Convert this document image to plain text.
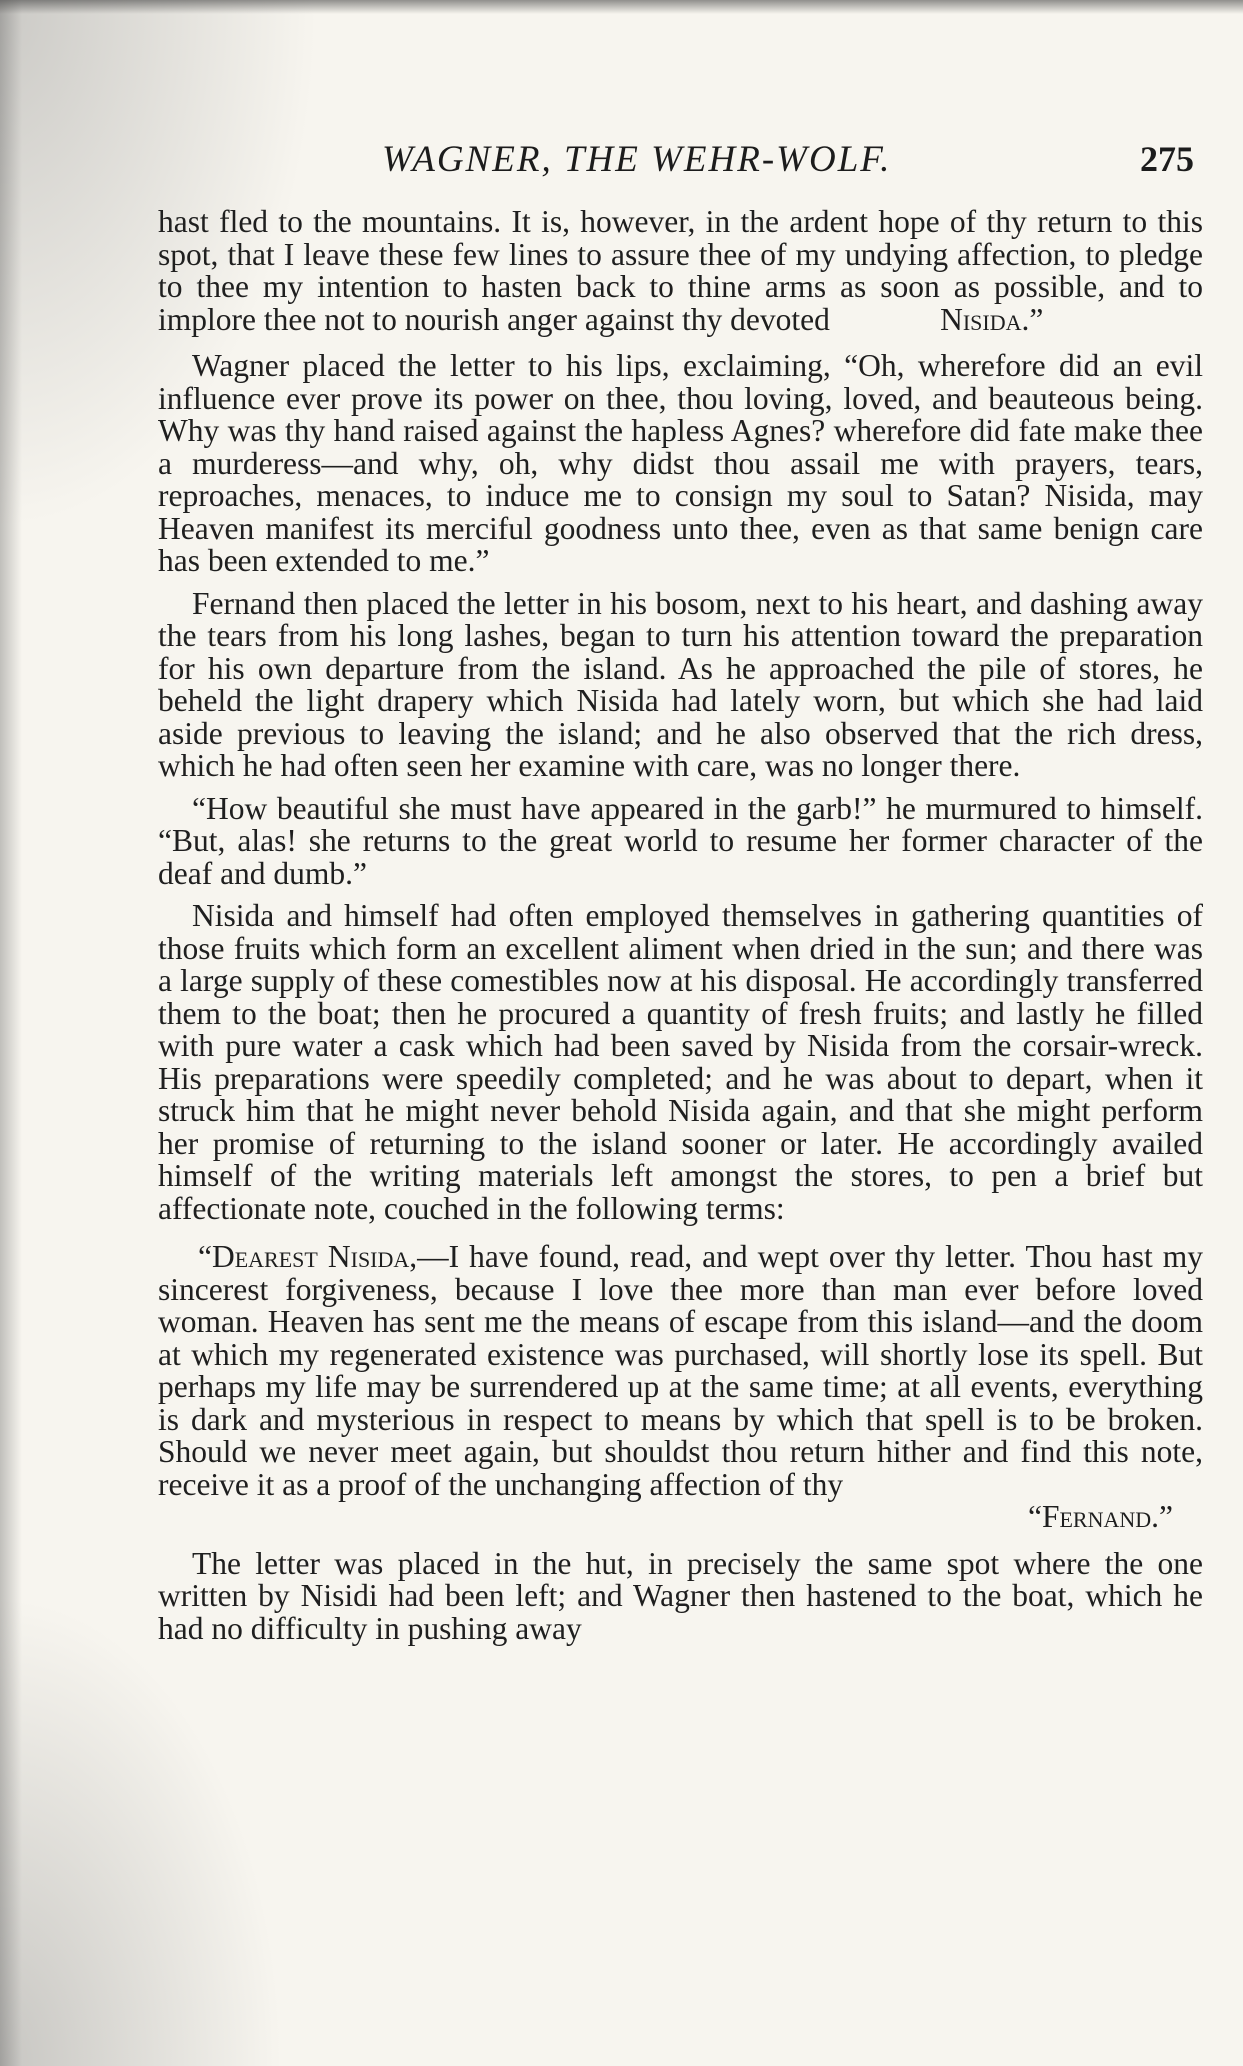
WAGNER, THE WEHR-WOLF.	275

hast fled to the mountains. It is, however, in the ardent hope of thy return to this spot, that I leave these few lines to assure thee of my undying affection, to pledge to thee my intention to hasten back to thine arms as soon as possible, and to implore thee not to nourish anger against thy devoted    	Nisida.”

Wagner placed the letter to his lips, exclaiming, “Oh, wherefore did an evil influence ever prove its power on thee, thou loving, loved, and beauteous being. Why was thy hand raised against the hapless Agnes? wherefore did fate make thee a murderess—and why, oh, why didst thou assail me with prayers, tears, reproaches, menaces, to induce me to consign my soul to Satan? Nisida, may Heaven manifest its merciful goodness unto thee, even as that same benign care has been extended to me.”

Fernand then placed the letter in his bosom, next to his heart, and dashing away the tears from his long lashes, began to turn his attention toward the preparation for his own departure from the island. As he approached the pile of stores, he beheld the light drapery which Nisida had lately worn, but which she had laid aside previous to leaving the island; and he also observed that the rich dress, which he had often seen her examine with care, was no longer there.

“How beautiful she must have appeared in the garb!” he murmured to himself. “But, alas! she returns to the great world to resume her former character of the deaf and dumb.”

Nisida and himself had often employed themselves in gathering quantities of those fruits which form an excellent aliment when dried in the sun; and there was a large supply of these comestibles now at his disposal. He accordingly transferred them to the boat; then he procured a quantity of fresh fruits; and lastly he filled with pure water a cask which had been saved by Nisida from the corsair-wreck. His preparations were speedily completed; and he was about to depart, when it struck him that he might never behold Nisida again, and that she might perform her promise of returning to the island sooner or later. He accordingly availed himself of the writing materials left amongst the stores, to pen a brief but affectionate note, couched in the following terms:

“Dearest Nisida,—I have found, read, and wept over thy letter. Thou hast my sincerest forgiveness, because I love thee more than man ever before loved woman. Heaven has sent me the means of escape from this island—and the doom at which my regenerated existence was purchased, will shortly lose its spell. But perhaps my life may be surrendered up at the same time; at all events, everything is dark and mysterious in respect to means by which that spell is to be broken. Should we never meet again, but shouldst thou return hither and find this note, receive it as a proof of the unchanging affection of thy

“Fernand.”

The letter was placed in the hut, in precisely the same spot where the one written by Nisidi had been left; and Wagner then hastened to the boat, which he had no difficulty in pushing away
